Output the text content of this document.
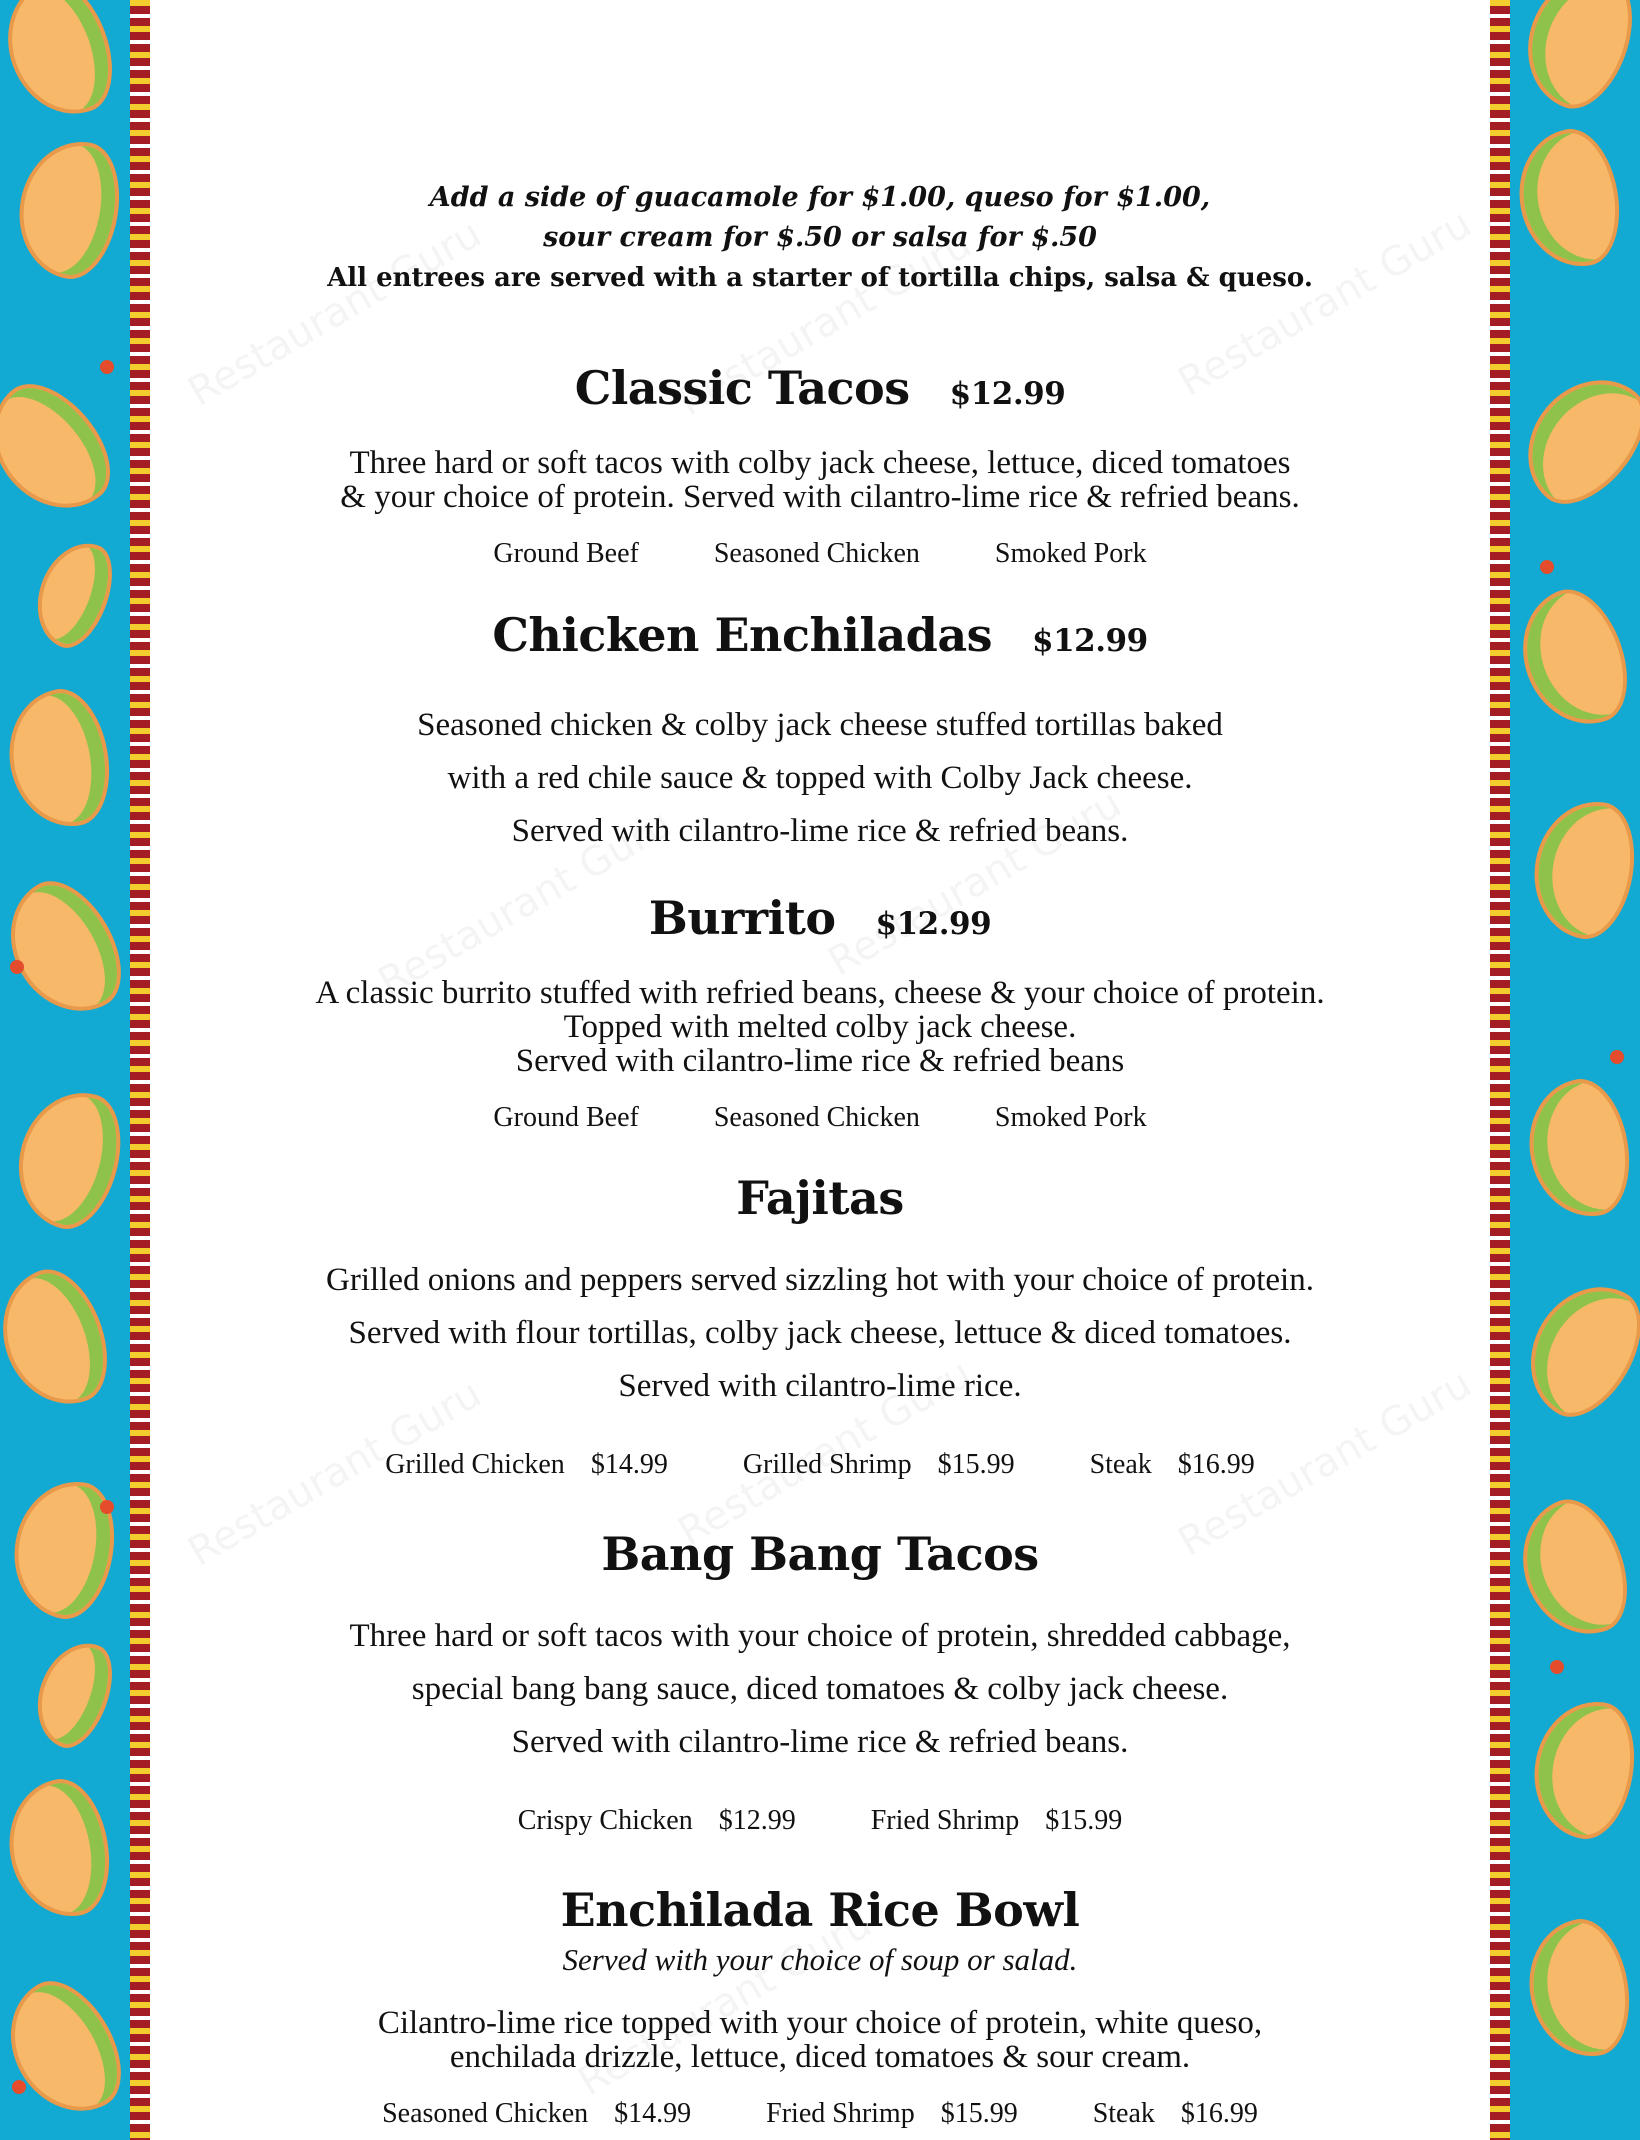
Add a side of guacamole for $1.00, queso for $1.00,
sour cream for $.50 or salsa for $.50
All entrees are served with a starter of tortilla chips, salsa & queso.
Classic Tacos $12.99

Three hard or soft tacos with colby jack cheese, lettuce, diced tomatoes

& your choice of protein. Served with cilantro-lime rice & refried beans.

Ground Beef	Seasoned Chicken	Smoked Pork
Chicken Enchiladas $12.99

Seasoned chicken & colby jack cheese stuffed tortillas baked

with a red chile sauce & topped with Colby Jack cheese.

Served with cilantro-lime rice & refried beans.

Burrito $12.99

A classic burrito stuffed with refried beans, cheese & your choice of protein.

Topped with melted colby jack cheese.

Served with cilantro-lime rice & refried beans

Ground Beef	Seasoned Chicken	Smoked Pork
Fajitas

Grilled onions and peppers served sizzling hot with your choice of protein.

Served with flour tortillas, colby jack cheese, lettuce & diced tomatoes.

Served with cilantro-lime rice.

Grilled Chicken $14.99	Grilled Shrimp $15.99	Steak $16.99
Bang Bang Tacos

Three hard or soft tacos with your choice of protein, shredded cabbage,

special bang bang sauce, diced tomatoes & colby jack cheese.

Served with cilantro-lime rice & refried beans.

Crispy Chicken $12.99	Fried Shrimp $15.99
Enchilada Rice Bowl
Served with your choice of soup or salad.

Cilantro-lime rice topped with your choice of protein, white queso,

enchilada drizzle, lettuce, diced tomatoes & sour cream.

Seasoned Chicken $14.99	Fried Shrimp $15.99	Steak $16.99
